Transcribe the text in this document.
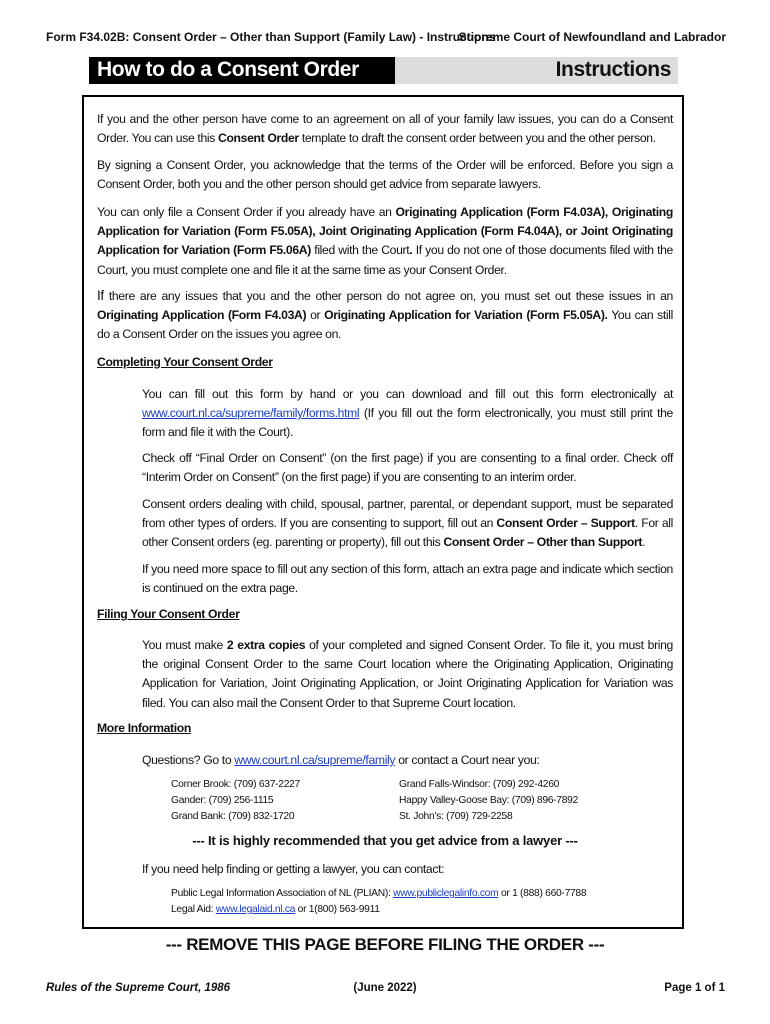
Form F34.02B: Consent Order – Other than Support (Family Law) - Instructions
Supreme Court of Newfoundland and Labrador
How to do a Consent Order	Instructions
If you and the other person have come to an agreement on all of your family law issues, you can do a Consent Order. You can use this Consent Order template to draft the consent order between you and the other person.
By signing a Consent Order, you acknowledge that the terms of the Order will be enforced. Before you sign a Consent Order, both you and the other person should get advice from separate lawyers.
You can only file a Consent Order if you already have an Originating Application (Form F4.03A), Originating Application for Variation (Form F5.05A), Joint Originating Application (Form F4.04A), or Joint Originating Application for Variation (Form F5.06A) filed with the Court. If you do not one of those documents filed with the Court, you must complete one and file it at the same time as your Consent Order.
If there are any issues that you and the other person do not agree on, you must set out these issues in an Originating Application (Form F4.03A) or Originating Application for Variation (Form F5.05A). You can still do a Consent Order on the issues you agree on.
Completing Your Consent Order
You can fill out this form by hand or you can download and fill out this form electronically at www.court.nl.ca/supreme/family/forms.html (If you fill out the form electronically, you must still print the form and file it with the Court).
Check off “Final Order on Consent” (on the first page) if you are consenting to a final order. Check off “Interim Order on Consent” (on the first page) if you are consenting to an interim order.
Consent orders dealing with child, spousal, partner, parental, or dependant support, must be separated from other types of orders. If you are consenting to support, fill out an Consent Order – Support. For all other Consent orders (eg. parenting or property), fill out this Consent Order – Other than Support.
If you need more space to fill out any section of this form, attach an extra page and indicate which section is continued on the extra page.
Filing Your Consent Order
You must make 2 extra copies of your completed and signed Consent Order. To file it, you must bring the original Consent Order to the same Court location where the Originating Application, Originating Application for Variation, Joint Originating Application, or Joint Originating Application for Variation was filed. You can also mail the Consent Order to that Supreme Court location.
More Information
Questions? Go to www.court.nl.ca/supreme/family or contact a Court near you:
Corner Brook: (709) 637-2227
Gander: (709) 256-1115
Grand Bank: (709) 832-1720
Grand Falls-Windsor: (709) 292-4260
Happy Valley-Goose Bay: (709) 896-7892
St. John’s: (709) 729-2258
--- It is highly recommended that you get advice from a lawyer ---
If you need help finding or getting a lawyer, you can contact:
Public Legal Information Association of NL (PLIAN): www.publiclegalinfo.com or 1 (888) 660-7788
Legal Aid: www.legalaid.nl.ca or 1(800) 563-9911
--- REMOVE THIS PAGE BEFORE FILING THE ORDER ---
Rules of the Supreme Court, 1986	(June 2022)	Page 1 of 1
